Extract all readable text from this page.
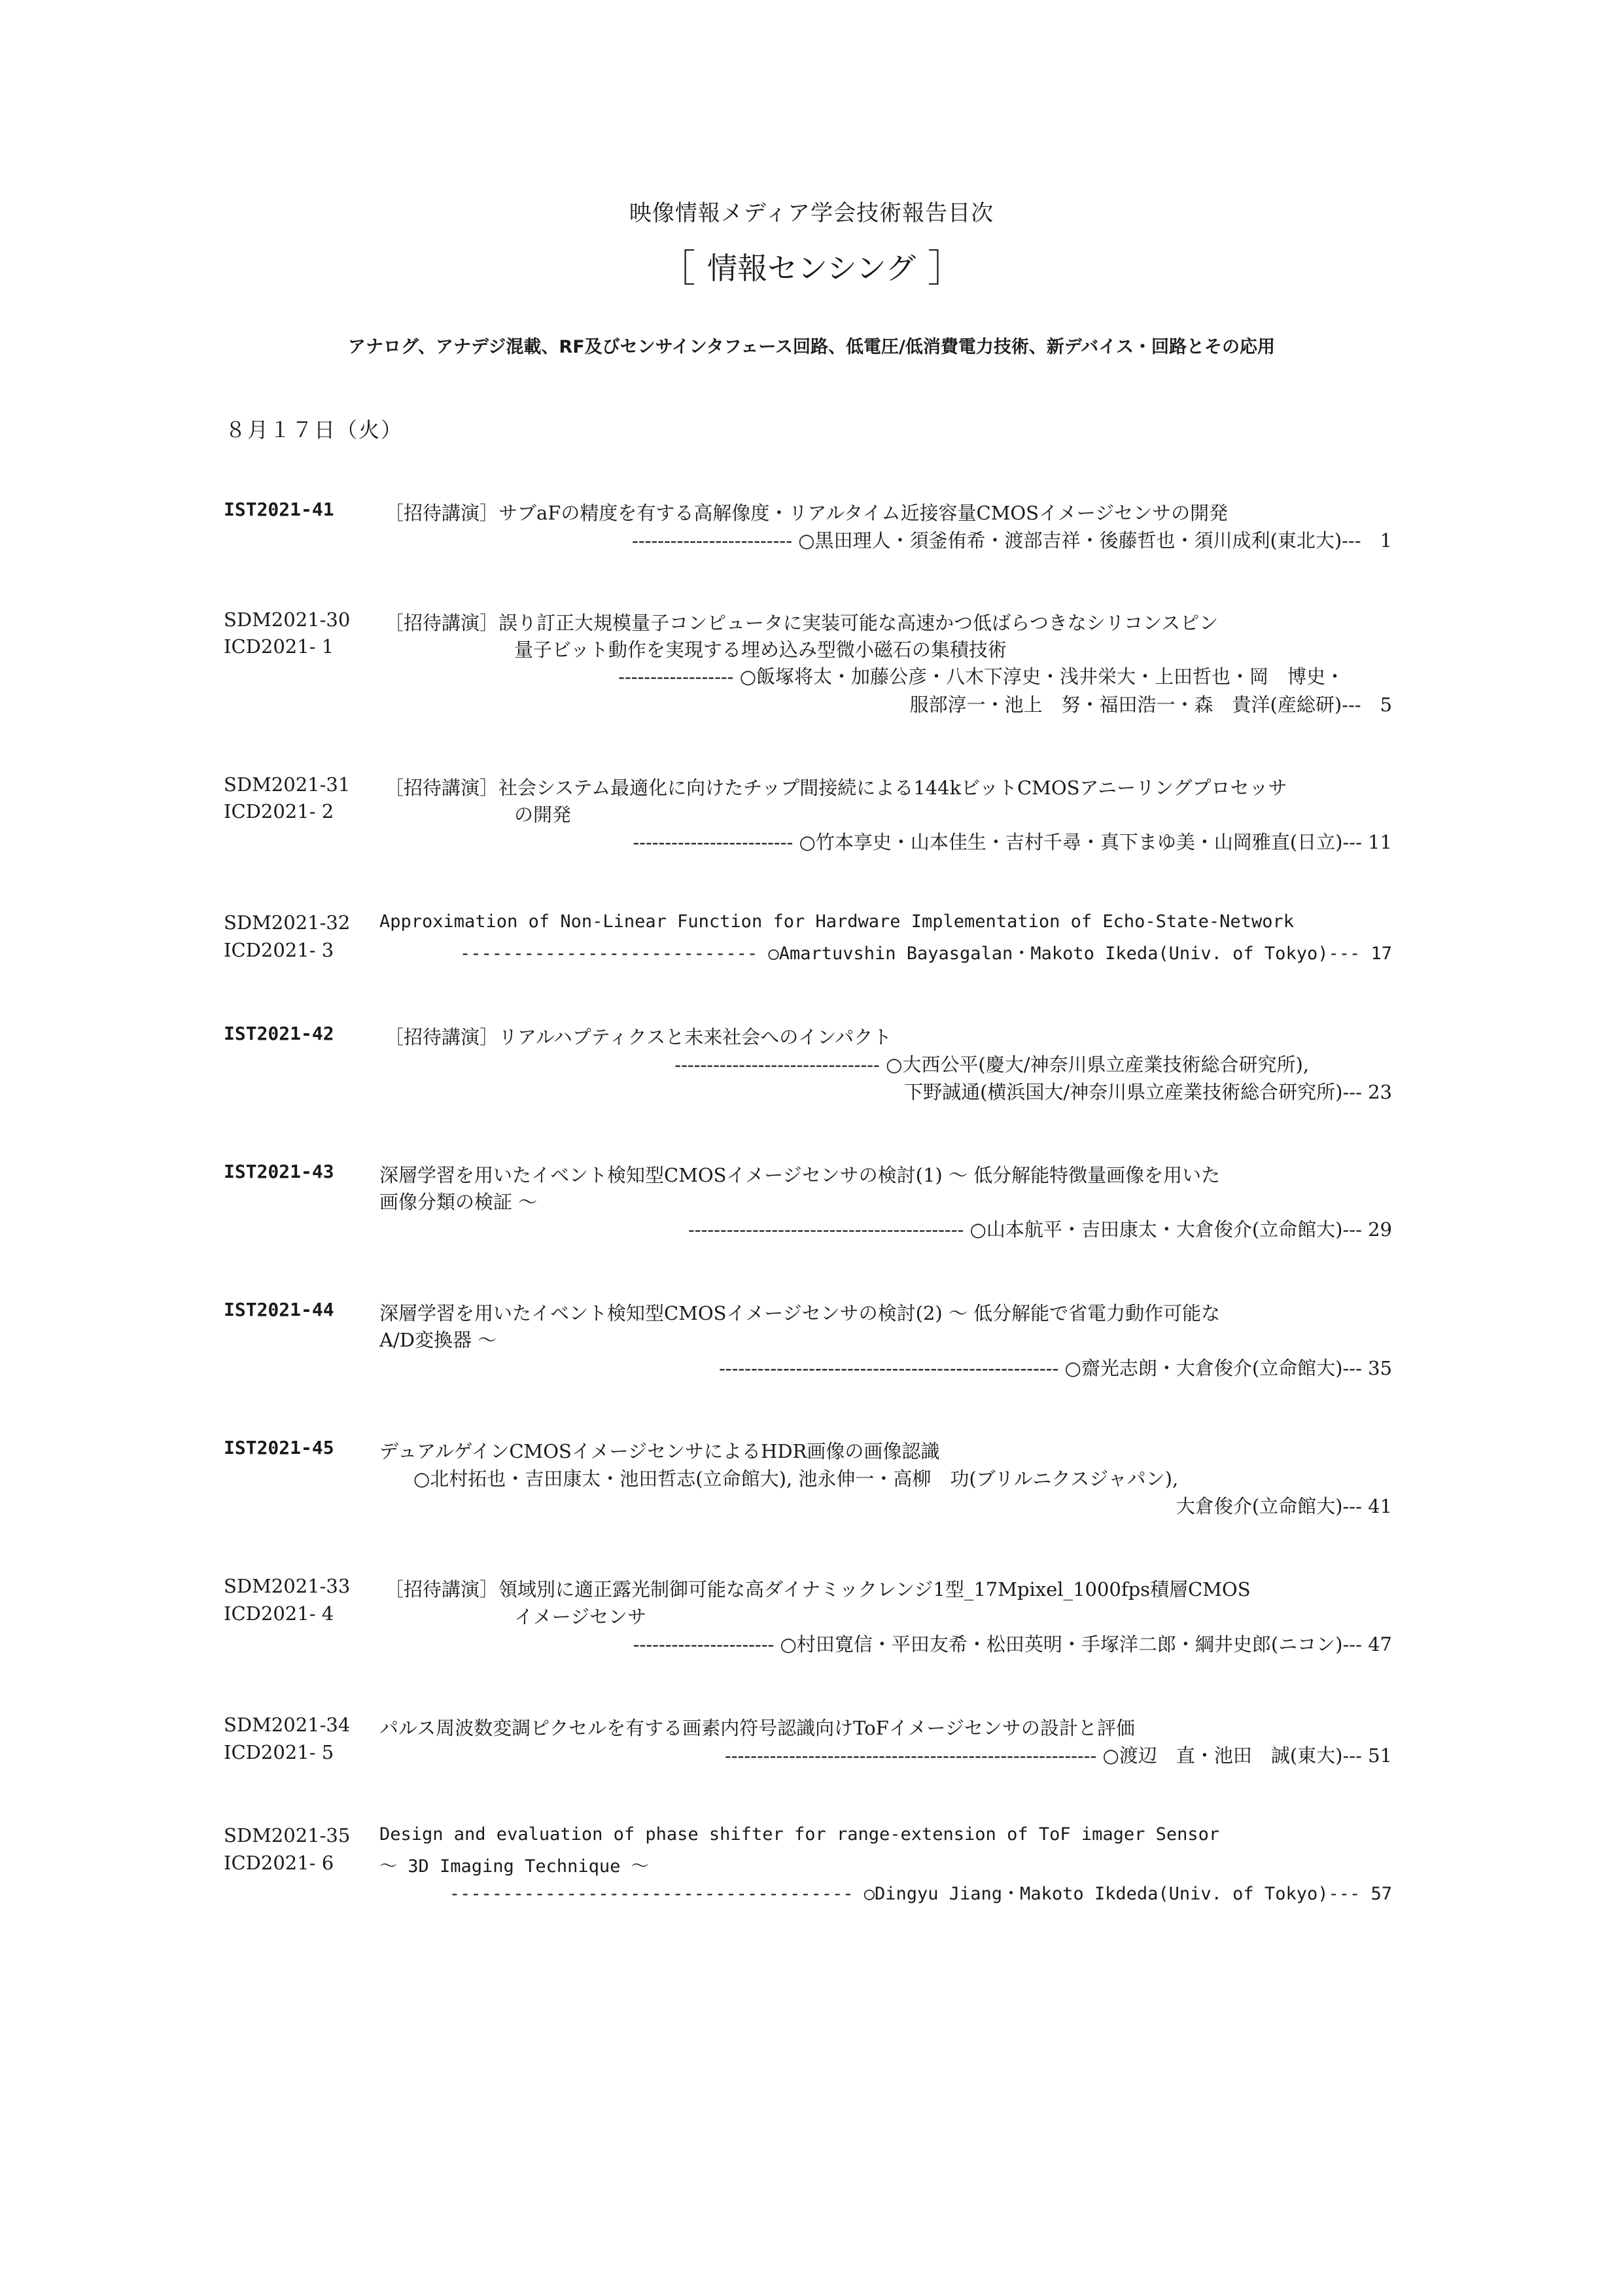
映像情報メディア学会技術報告目次
［ 情報センシング ］
アナログ、アナデジ混載、RF及びセンサインタフェース回路、低電圧/低消費電力技術、新デバイス・回路とその応用
８月１７日（火）
IST2021-41	［招待講演］サブaFの精度を有する高解像度・リアルタイム近接容量CMOSイメージセンサの開発
------------------------- ○黒田理人・須釜侑希・渡部吉祥・後藤哲也・須川成利(東北大)---　1
SDM2021-30
ICD2021- 1
［招待講演］誤り訂正大規模量子コンピュータに実装可能な高速かつ低ばらつきなシリコンスピン
量子ビット動作を実現する埋め込み型微小磁石の集積技術
------------------ ○飯塚将太・加藤公彦・八木下淳史・浅井栄大・上田哲也・岡　博史・
服部淳一・池上　努・福田浩一・森　貴洋(産総研)---　5
SDM2021-31
ICD2021- 2
［招待講演］社会システム最適化に向けたチップ間接続による144kビットCMOSアニーリングプロセッサ
の開発
------------------------- ○竹本享史・山本佳生・吉村千尋・真下まゆ美・山岡雅直(日立)--- 11
SDM2021-32
ICD2021- 3
Approximation of Non-Linear Function for Hardware Implementation of Echo-State-Network
---------------------------- ○Amartuvshin Bayasgalan・Makoto Ikeda(Univ. of Tokyo)--- 17
IST2021-42	［招待講演］リアルハプティクスと未来社会へのインパクト
-------------------------------- ○大西公平(慶大/神奈川県立産業技術総合研究所),
下野誠通(横浜国大/神奈川県立産業技術総合研究所)--- 23
IST2021-43 深層学習を用いたイベント検知型CMOSイメージセンサの検討(1) ～ 低分解能特徴量画像を用いた
画像分類の検証 ～
------------------------------------------- ○山本航平・吉田康太・大倉俊介(立命館大)--- 29
IST2021-44 深層学習を用いたイベント検知型CMOSイメージセンサの検討(2) ～ 低分解能で省電力動作可能な
A/D変換器 ～
----------------------------------------------------- ○齋光志朗・大倉俊介(立命館大)--- 35
IST2021-45 デュアルゲインCMOSイメージセンサによるHDR画像の画像認識
○北村拓也・吉田康太・池田哲志(立命館大), 池永伸一・高柳　功(ブリルニクスジャパン),
大倉俊介(立命館大)--- 41
SDM2021-33
ICD2021- 4
［招待講演］領域別に適正露光制御可能な高ダイナミックレンジ1型_17Mpixel_1000fps積層CMOS
イメージセンサ
---------------------- ○村田寛信・平田友希・松田英明・手塚洋二郎・綱井史郎(ニコン)--- 47
SDM2021-34
ICD2021- 5
パルス周波数変調ピクセルを有する画素内符号認識向けToFイメージセンサの設計と評価
---------------------------------------------------------- ○渡辺　直・池田　誠(東大)--- 51
SDM2021-35
ICD2021- 6
Design and evaluation of phase shifter for range-extension of ToF imager Sensor
～ 3D Imaging Technique ～
-------------------------------------- ○Dingyu Jiang・Makoto Ikdeda(Univ. of Tokyo)--- 57
